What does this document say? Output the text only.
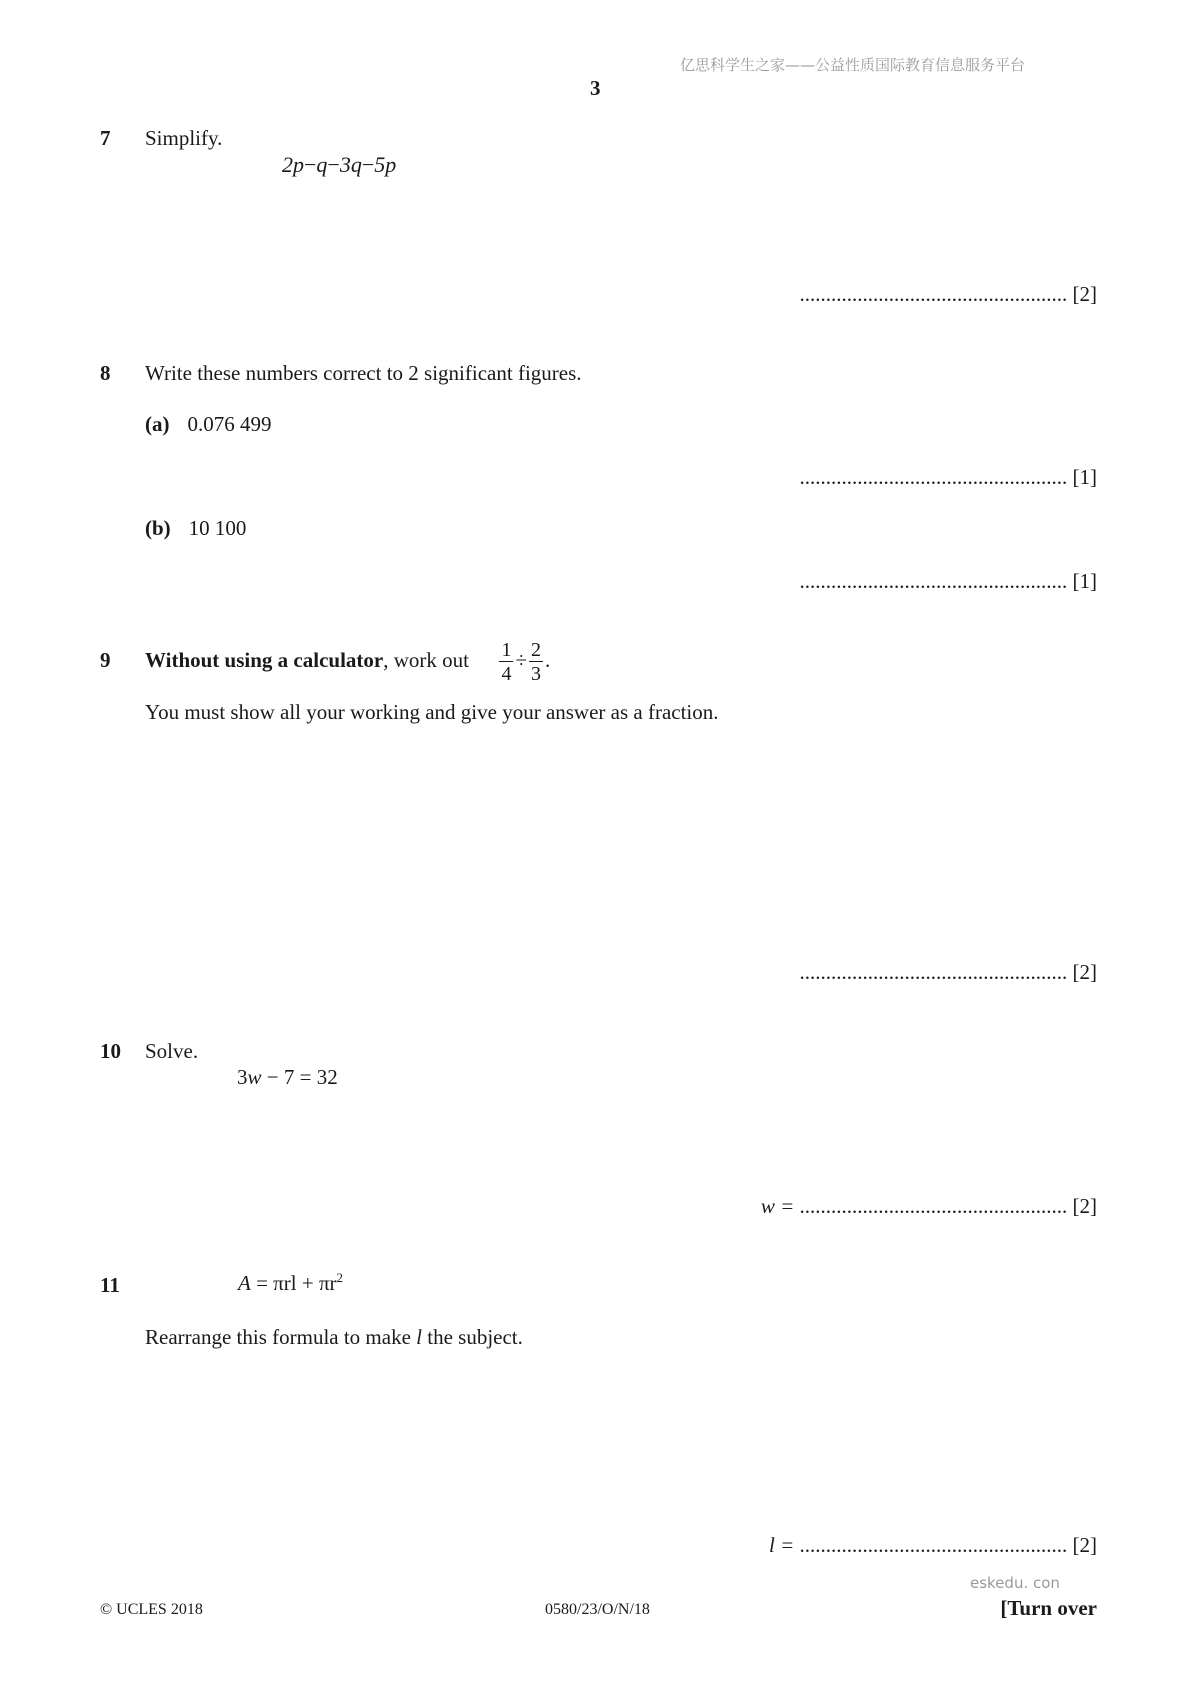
亿思科学生之家——公益性质国际教育信息服务平台
3
7 Simplify.
2p−q−3q−5p
................................................... [2]
8 Write these numbers correct to 2 significant figures.
(a) 0.076 499
................................................... [1]
(b) 10 100
................................................... [1]
9 Without using a calculator, work out $\frac{1}{4} \div \frac{2}{3}$ .
You must show all your working and give your answer as a fraction.
................................................... [2]
10 Solve.
3w − 7 = 32
w = ................................................... [2]
11	$A = \pi rl + \pi r^2$
Rearrange this formula to make l the subject.
l = ................................................... [2]
eskedu. con
© UCLES 2018	0580/23/O/N/18	[Turn over
